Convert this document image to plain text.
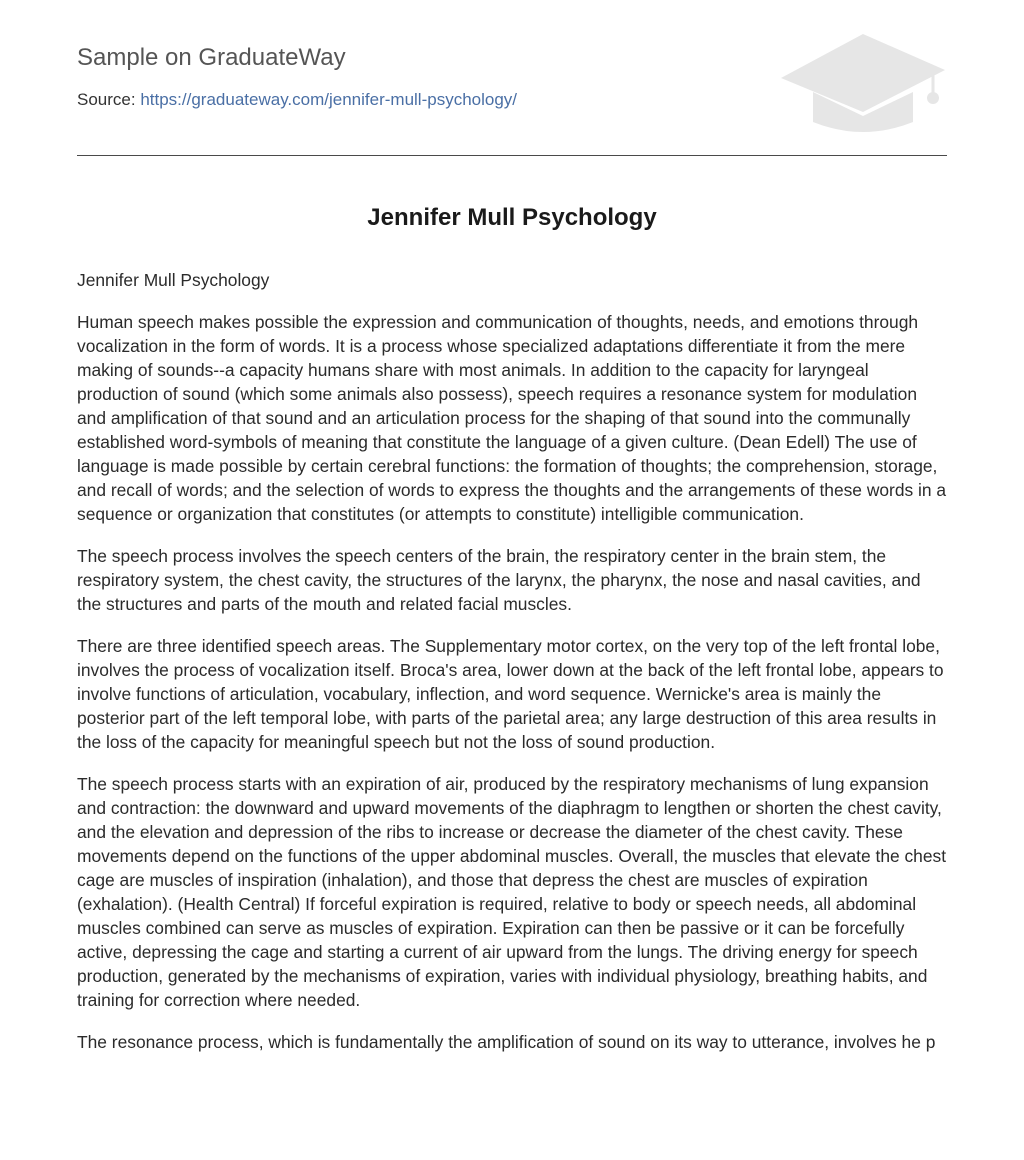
Sample on GraduateWay
Source: https://graduateway.com/jennifer-mull-psychology/
Jennifer Mull Psychology

Jennifer Mull Psychology

Human speech makes possible the expression and communication of thoughts, needs, and emotions through vocalization in the form of words. It is a process whose specialized adaptations differentiate it from the mere making of sounds--a capacity humans share with most animals. In addition to the capacity for laryngeal production of sound (which some animals also possess), speech requires a resonance system for modulation and amplification of that sound and an articulation process for the shaping of that sound into the communally established word-symbols of meaning that constitute the language of a given culture. (Dean Edell) The use of language is made possible by certain cerebral functions: the formation of thoughts; the comprehension, storage, and recall of words; and the selection of words to express the thoughts and the arrangements of these words in a sequence or organization that constitutes (or attempts to constitute) intelligible communication.

The speech process involves the speech centers of the brain, the respiratory center in the brain stem, the respiratory system, the chest cavity, the structures of the larynx, the pharynx, the nose and nasal cavities, and the structures and parts of the mouth and related facial muscles.

There are three identified speech areas. The Supplementary motor cortex, on the very top of the left frontal lobe, involves the process of vocalization itself. Broca's area, lower down at the back of the left frontal lobe, appears to involve functions of articulation, vocabulary, inflection, and word sequence. Wernicke's area is mainly the posterior part of the left temporal lobe, with parts of the parietal area; any large destruction of this area results in the loss of the capacity for meaningful speech but not the loss of sound production.

The speech process starts with an expiration of air, produced by the respiratory mechanisms of lung expansion and contraction: the downward and upward movements of the diaphragm to lengthen or shorten the chest cavity, and the elevation and depression of the ribs to increase or decrease the diameter of the chest cavity. These movements depend on the functions of the upper abdominal muscles. Overall, the muscles that elevate the chest cage are muscles of inspiration (inhalation), and those that depress the chest are muscles of expiration (exhalation). (Health Central) If forceful expiration is required, relative to body or speech needs, all abdominal muscles combined can serve as muscles of expiration. Expiration can then be passive or it can be forcefully active, depressing the cage and starting a current of air upward from the lungs. The driving energy for speech production, generated by the mechanisms of expiration, varies with individual physiology, breathing habits, and training for correction where needed.

The resonance process, which is fundamentally the amplification of sound on its way to utterance, involves he p
